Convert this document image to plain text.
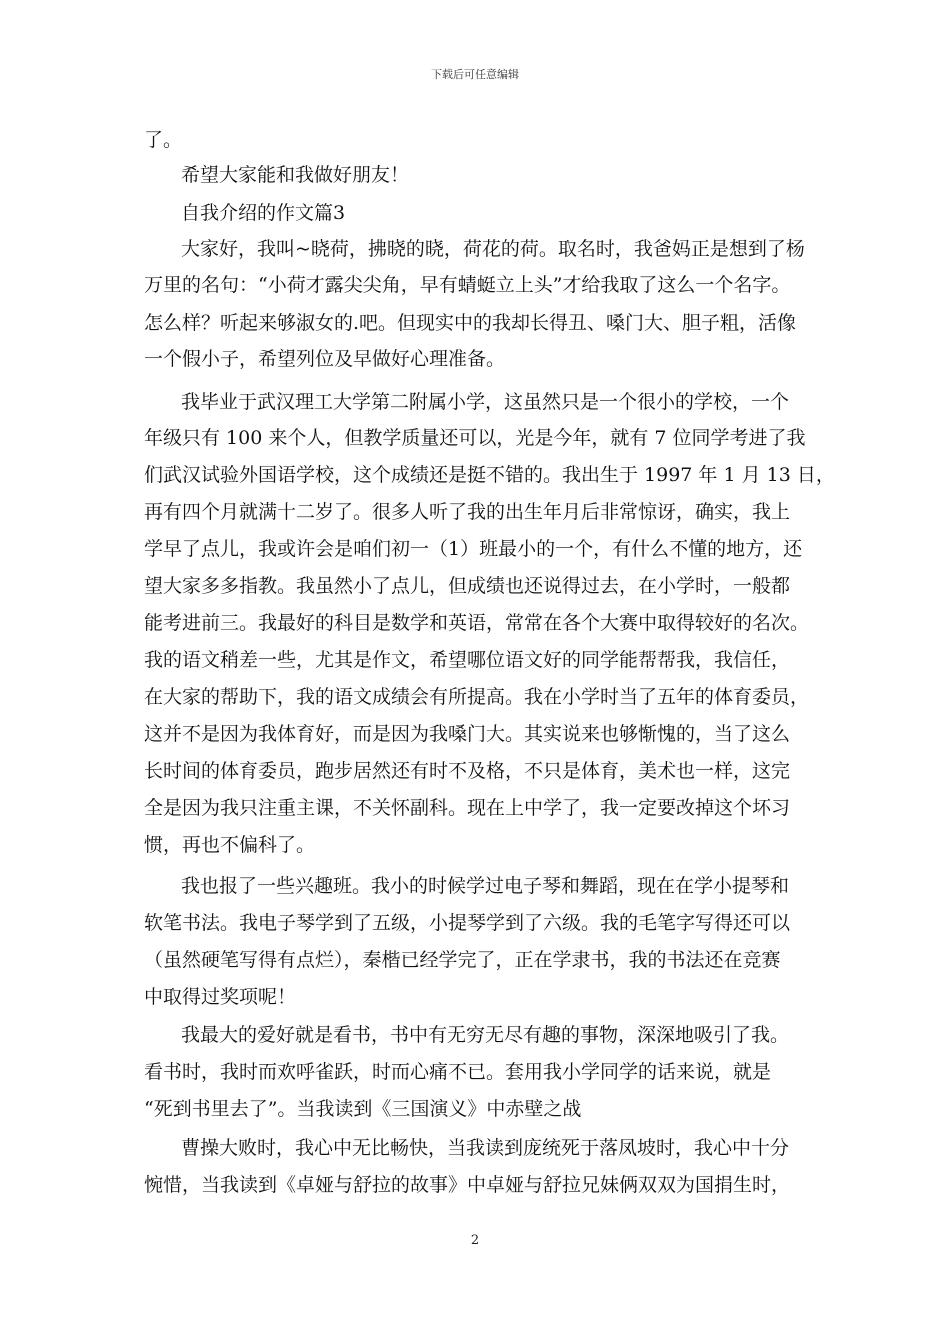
下载后可任意编辑
了。
希望大家能和我做好朋友！
自我介绍的作文篇3
大家好，我叫~晓荷，拂晓的晓，荷花的荷。取名时，我爸妈正是想到了杨
万里的名句：“小荷才露尖尖角，早有蜻蜓立上头”才给我取了这么一个名字。
怎么样？听起来够淑女的.吧。但现实中的我却长得丑、嗓门大、胆子粗，活像
一个假小子，希望列位及早做好心理准备。
我毕业于武汉理工大学第二附属小学，这虽然只是一个很小的学校，一个
年级只有 100 来个人，但教学质量还可以，光是今年，就有 7 位同学考进了我
们武汉试验外国语学校，这个成绩还是挺不错的。我出生于 1997 年 1 月 13 日，
再有四个月就满十二岁了。很多人听了我的出生年月后非常惊讶，确实，我上
学早了点儿，我或许会是咱们初一（1）班最小的一个，有什么不懂的地方，还
望大家多多指教。我虽然小了点儿，但成绩也还说得过去，在小学时，一般都
能考进前三。我最好的科目是数学和英语，常常在各个大赛中取得较好的名次。
我的语文稍差一些，尤其是作文，希望哪位语文好的同学能帮帮我，我信任，
在大家的帮助下，我的语文成绩会有所提高。我在小学时当了五年的体育委员，
这并不是因为我体育好，而是因为我嗓门大。其实说来也够惭愧的，当了这么
长时间的体育委员，跑步居然还有时不及格，不只是体育，美术也一样，这完
全是因为我只注重主课，不关怀副科。现在上中学了，我一定要改掉这个坏习
惯，再也不偏科了。
我也报了一些兴趣班。我小的时候学过电子琴和舞蹈，现在在学小提琴和
软笔书法。我电子琴学到了五级，小提琴学到了六级。我的毛笔字写得还可以
（虽然硬笔写得有点烂），秦楷已经学完了，正在学隶书，我的书法还在竞赛
中取得过奖项呢！
我最大的爱好就是看书，书中有无穷无尽有趣的事物，深深地吸引了我。
看书时，我时而欢呼雀跃，时而心痛不已。套用我小学同学的话来说，就是
“死到书里去了”。当我读到《三国演义》中赤壁之战
曹操大败时，我心中无比畅快，当我读到庞统死于落凤坡时，我心中十分
惋惜，当我读到《卓娅与舒拉的故事》中卓娅与舒拉兄妹俩双双为国捐生时，
2
